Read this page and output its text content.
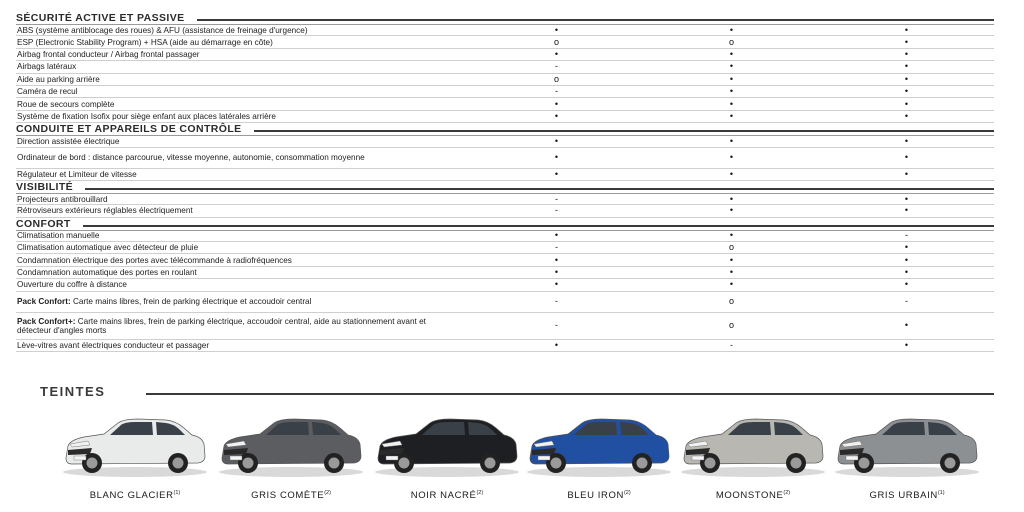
SÉCURITÉ ACTIVE ET PASSIVE
ABS (système antiblocage des roues) & AFU (assistance de freinage d'urgence)	•	•	•
ESP (Electronic Stability Program) + HSA (aide au démarrage en côte)	o	o	•
Airbag frontal conducteur / Airbag frontal passager	•	•	•
Airbags latéraux	-	•	•
Aide au parking arrière	o	•	•
Caméra de recul	-	•	•
Roue de secours complète	•	•	•
Système de fixation Isofix pour siège enfant aux places latérales arrière	•	•	•
CONDUITE ET APPAREILS DE CONTRÔLE
Direction assistée électrique	•	•	•
Ordinateur de bord : distance parcourue, vitesse moyenne, autonomie, consommation moyenne	•	•	•
Régulateur et Limiteur de vitesse	•	•	•
VISIBILITÉ
Projecteurs antibrouillard	-	•	•
Rétroviseurs extérieurs réglables électriquement	-	•	•
CONFORT
Climatisation manuelle	•	•	-
Climatisation automatique avec détecteur de pluie	-	o	•
Condamnation électrique des portes avec télécommande à radiofréquences	•	•	•
Condamnation automatique des portes en roulant	•	•	•
Ouverture du coffre à distance	•	•	•
Pack Confort: Carte mains libres, frein de parking électrique et accoudoir central	-	o	-
Pack Confort+: Carte mains libres, frein de parking électrique, accoudoir central, aide au stationnement avant et détecteur d'angles morts	-	o	•
Lève-vitres avant électriques conducteur et passager	•	-	•
TEINTES
BLANC GLACIER$^{(1)}$	GRIS COMÈTE$^{(2)}$	NOIR NACRÉ$^{(2)}$	BLEU IRON$^{(2)}$	MOONSTONE$^{(2)}$	GRIS URBAIN$^{(1)}$
